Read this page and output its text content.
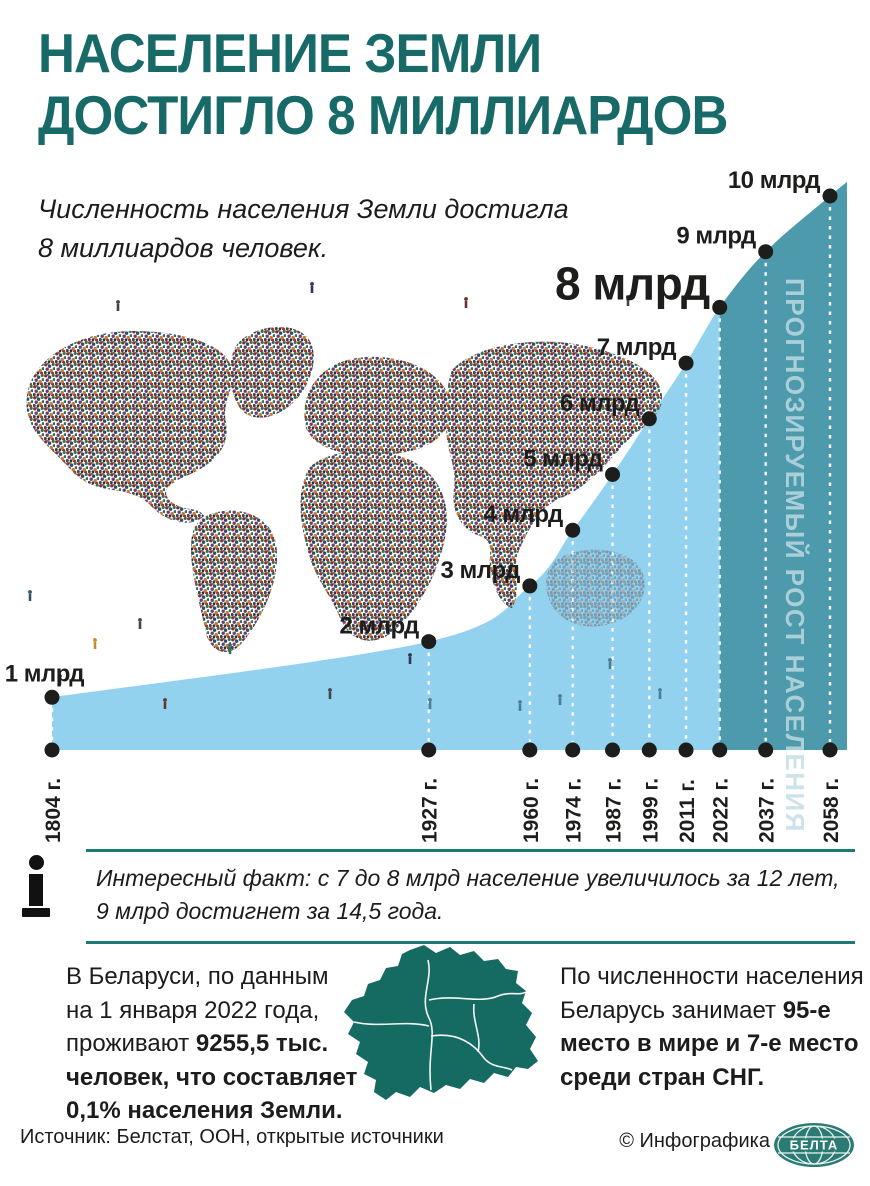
НАСЕЛЕНИЕ ЗЕМЛИ
ДОСТИГЛО 8 МИЛЛИАРДОВ
Численность населения Земли достигла
8 миллиардов человек.
ПРОГНОЗИРУЕМЫЙ РОСТ НАСЕЛЕНИЯ
1 млрд
2 млрд
3 млрд
4 млрд
5 млрд
6 млрд
7 млрд
8 млрд
9 млрд
10 млрд
1804 г.	1927 г.	1960 г. 1974 г. 1987 г. 1999 г. 2011 г. 2022 г. 2037 г. 2058 г.
Интересный факт: с 7 до 8 млрд население увеличилось за 12 лет,
9 млрд достигнет за 14,5 года.
В Беларуси, по данным
на 1 января 2022 года,
проживают 9255,5 тыс.
человек, что составляет
0,1% населения Земли.
По численности населения
Беларусь занимает 95-е
место в мире и 7-е место
среди стран СНГ.
Источник: Белстат, ООН, открытые источники	© Инфографика БЕЛТА
